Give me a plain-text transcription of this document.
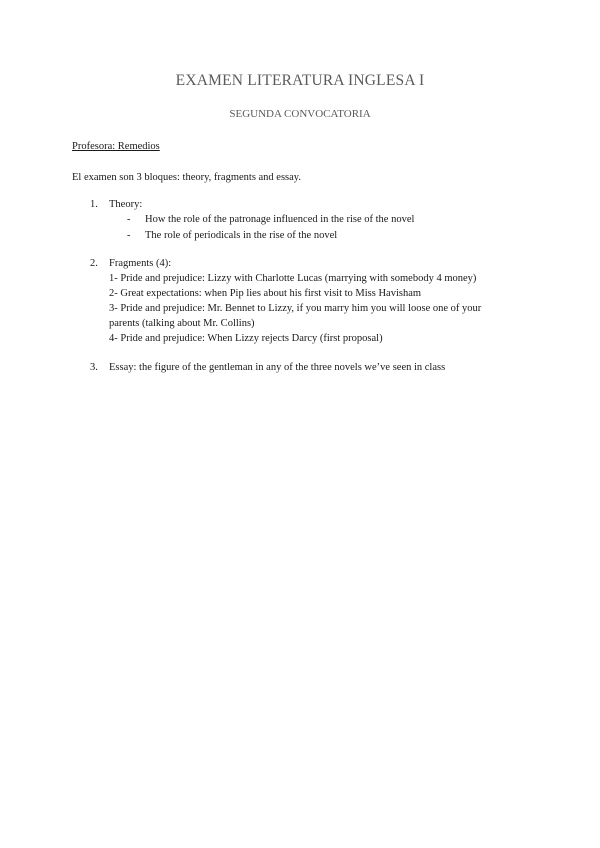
EXAMEN LITERATURA INGLESA I
SEGUNDA CONVOCATORIA
Profesora: Remedios
El examen son 3 bloques: theory, fragments and essay.
1. Theory:
- How the role of the patronage influenced in the rise of the novel
- The role of periodicals in the rise of the novel
2. Fragments (4):
1- Pride and prejudice: Lizzy with Charlotte Lucas (marrying with somebody 4 money)
2- Great expectations: when Pip lies about his first visit to Miss Havisham
3- Pride and prejudice: Mr. Bennet to Lizzy, if you marry him you will loose one of your
parents (talking about Mr. Collins)
4- Pride and prejudice: When Lizzy rejects Darcy (first proposal)
3. Essay: the figure of the gentleman in any of the three novels we’ve seen in class
